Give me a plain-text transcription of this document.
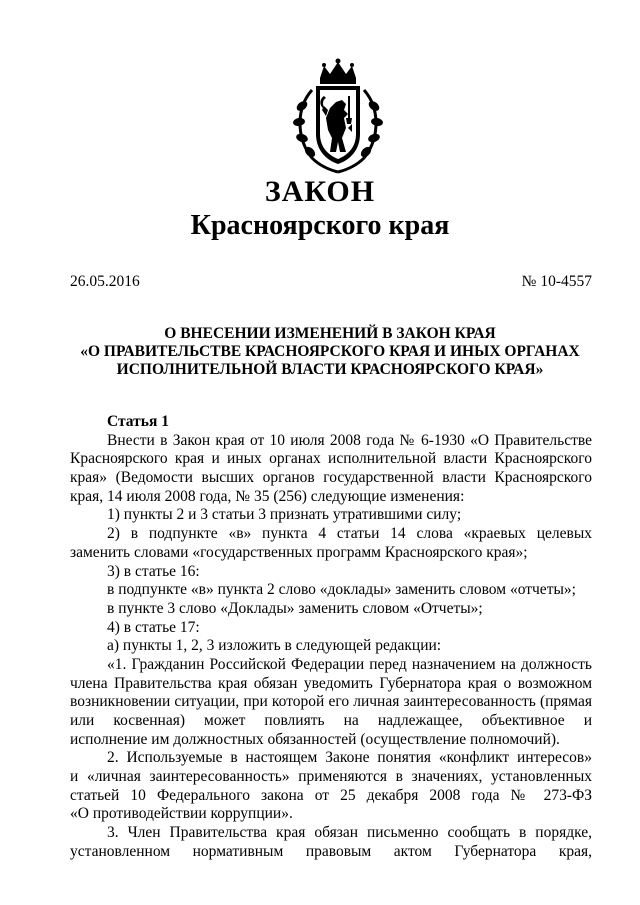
ЗАКОН
Красноярского края
26.05.2016	№ 10-4557
О ВНЕСЕНИИ ИЗМЕНЕНИЙ В ЗАКОН КРАЯ
«О ПРАВИТЕЛЬСТВЕ КРАСНОЯРСКОГО КРАЯ И ИНЫХ ОРГАНАХ
ИСПОЛНИТЕЛЬНОЙ ВЛАСТИ КРАСНОЯРСКОГО КРАЯ»
Статья 1
Внести в Закон края от 10 июля 2008 года № 6-1930 «О Правительстве
Красноярского края и иных органах исполнительной власти Красноярского
края» (Ведомости высших органов государственной власти Красноярского
края, 14 июля 2008 года, № 35 (256) следующие изменения:
1) пункты 2 и 3 статьи 3 признать утратившими силу;
2) в подпункте «в» пункта 4 статьи 14 слова «краевых целевых
заменить словами «государственных программ Красноярского края»;
3) в статье 16:
в подпункте «в» пункта 2 слово «доклады» заменить словом «отчеты»;
в пункте 3 слово «Доклады» заменить словом «Отчеты»;
4) в статье 17:
а) пункты 1, 2, 3 изложить в следующей редакции:
«1. Гражданин Российской Федерации перед назначением на должность
члена Правительства края обязан уведомить Губернатора края о возможном
возникновении ситуации, при которой его личная заинтересованность (прямая
или косвенная) может повлиять на надлежащее, объективное и
исполнение им должностных обязанностей (осуществление полномочий).
2. Используемые в настоящем Законе понятия «конфликт интересов»
и «личная заинтересованность» применяются в значениях, установленных
статьей 10 Федерального закона от 25 декабря 2008 года № 273-ФЗ
«О противодействии коррупции».
3. Член Правительства края обязан письменно сообщать в порядке,
установленном нормативным правовым актом Губернатора края,
